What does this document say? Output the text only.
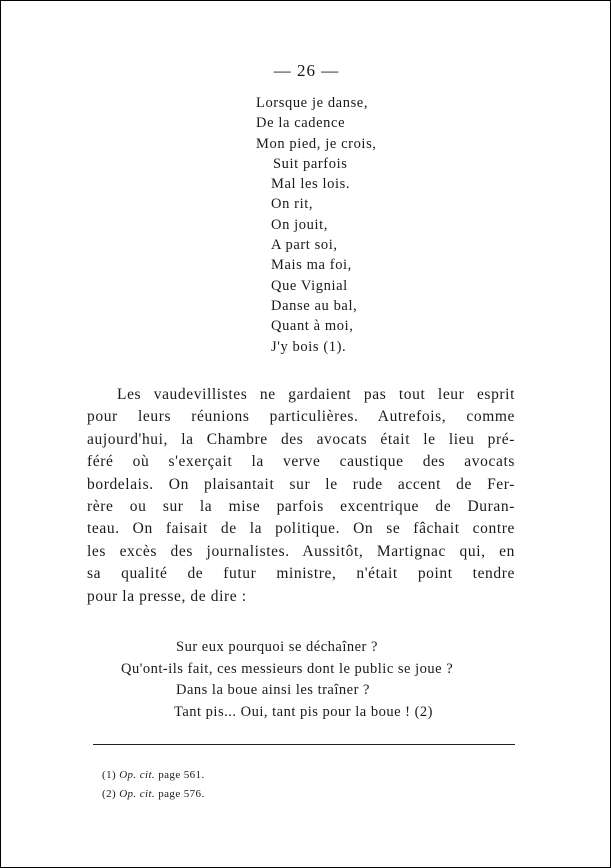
— 26 —
Lorsque je danse,
De la cadence
Mon pied, je crois,
Suit parfois
Mal les lois.
On rit,
On jouit,
A part soi,
Mais ma foi,
Que Vignial
Danse au bal,
Quant à moi,
J'y bois (1).

Les vaudevillistes ne gardaient pas tout leur esprit
pour leurs réunions particulières. Autrefois, comme
aujourd'hui, la Chambre des avocats était le lieu pré-
féré où s'exerçait la verve caustique des avocats
bordelais. On plaisantait sur le rude accent de Fer-
rère ou sur la mise parfois excentrique de Duran-
teau. On faisait de la politique. On se fâchait contre
les excès des journalistes. Aussitôt, Martignac qui, en
sa qualité de futur ministre, n'était point tendre
pour la presse, de dire :

Sur eux pourquoi se déchaîner ?
Qu'ont-ils fait, ces messieurs dont le public se joue ?
Dans la boue ainsi les traîner ?
Tant pis... Oui, tant pis pour la boue ! (2)
(1) Op. cit. page 561.
(2) Op. cit. page 576.
